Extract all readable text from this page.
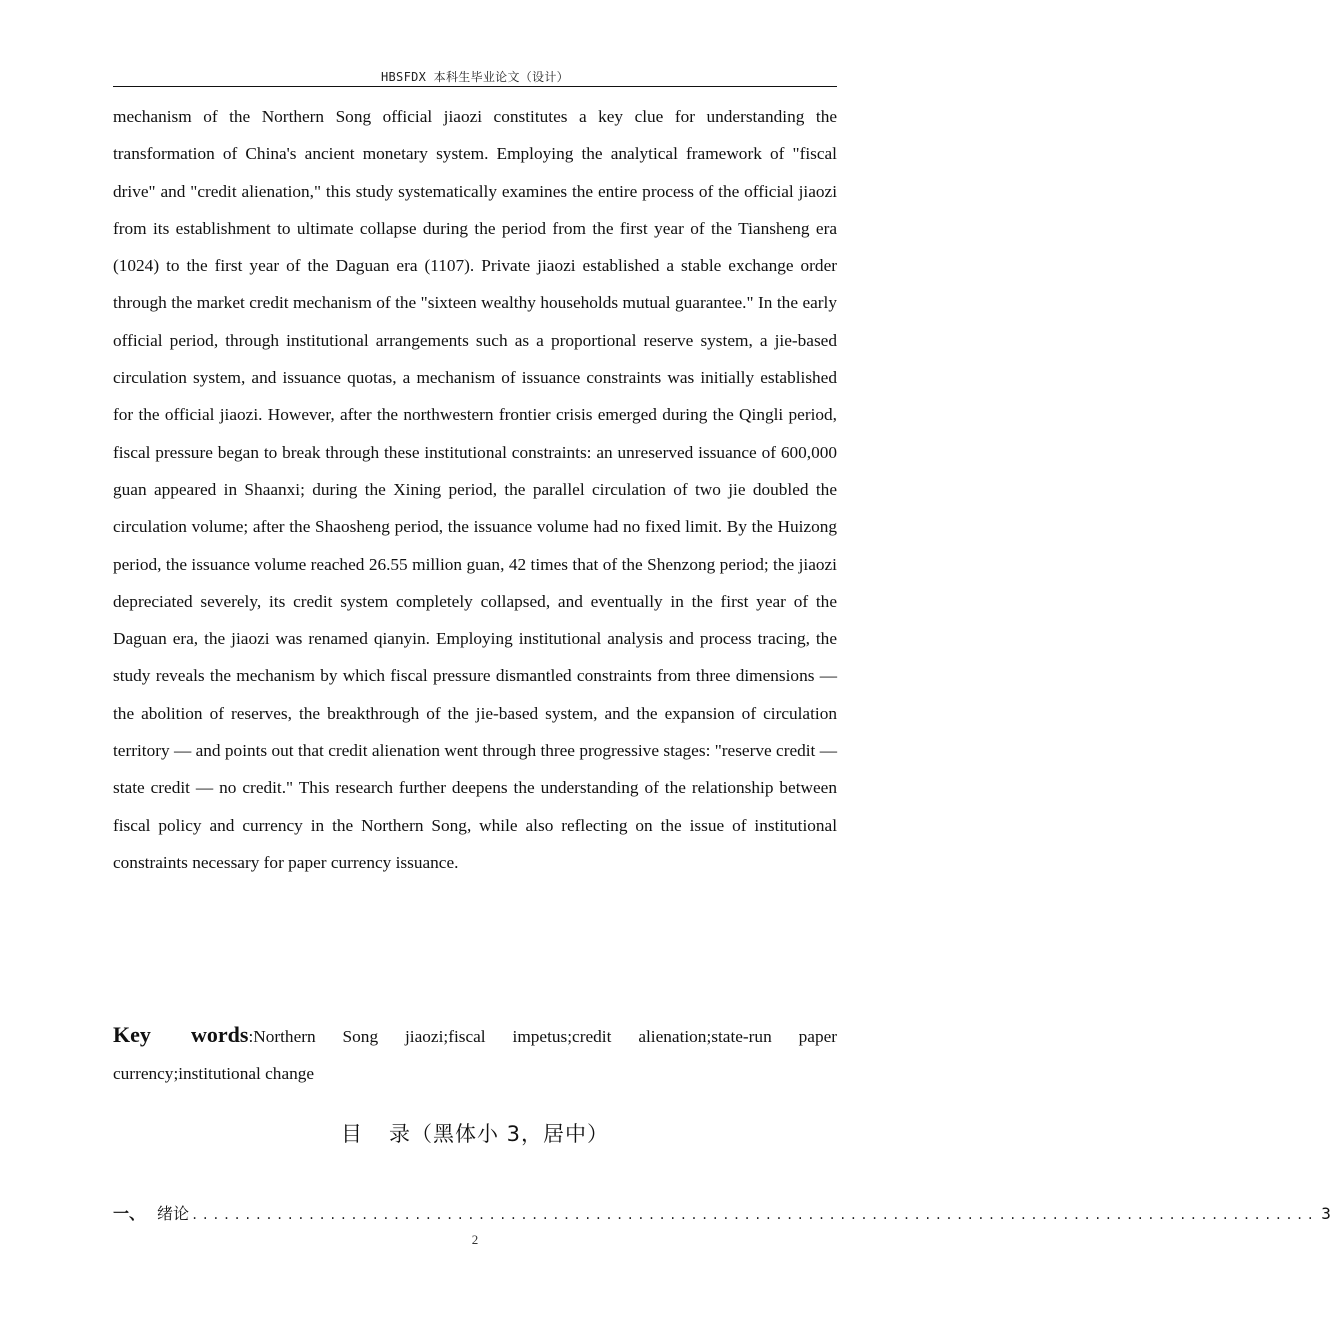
HBSFDX 本科生毕业论文（设计）

mechanism of the Northern Song official jiaozi constitutes a key clue for understanding the transformation of China's ancient monetary system. Employing the analytical framework of "fiscal drive" and "credit alienation," this study systematically examines the entire process of the official jiaozi from its establishment to ultimate collapse during the period from the first year of the Tiansheng era (1024) to the first year of the Daguan era (1107). Private jiaozi established a stable exchange order through the market credit mechanism of the "sixteen wealthy households mutual guarantee." In the early official period, through institutional arrangements such as a proportional reserve system, a jie-based circulation system, and issuance quotas, a mechanism of issuance constraints was initially established for the official jiaozi. However, after the northwestern frontier crisis emerged during the Qingli period, fiscal pressure began to break through these institutional constraints: an unreserved issuance of 600,000 guan appeared in Shaanxi; during the Xining period, the parallel circulation of two jie doubled the circulation volume; after the Shaosheng period, the issuance volume had no fixed limit. By the Huizong period, the issuance volume reached 26.55 million guan, 42 times that of the Shenzong period; the jiaozi depreciated severely, its credit system completely collapsed, and eventually in the first year of the Daguan era, the jiaozi was renamed qianyin. Employing institutional analysis and process tracing, the study reveals the mechanism by which fiscal pressure dismantled constraints from three dimensions — the abolition of reserves, the breakthrough of the jie-based system, and the expansion of circulation territory — and points out that credit alienation went through three progressive stages: "reserve credit — state credit — no credit." This research further deepens the understanding of the relationship between fiscal policy and currency in the Northern Song, while also reflecting on the issue of institutional constraints necessary for paper currency issuance.

Key words:Northern Song jiaozi;fiscal impetus;credit alienation;state-run paper currency;institutional change

目 录（黑体小 3，居中）
一、 绪论 .......................................................................................................... 3
2
